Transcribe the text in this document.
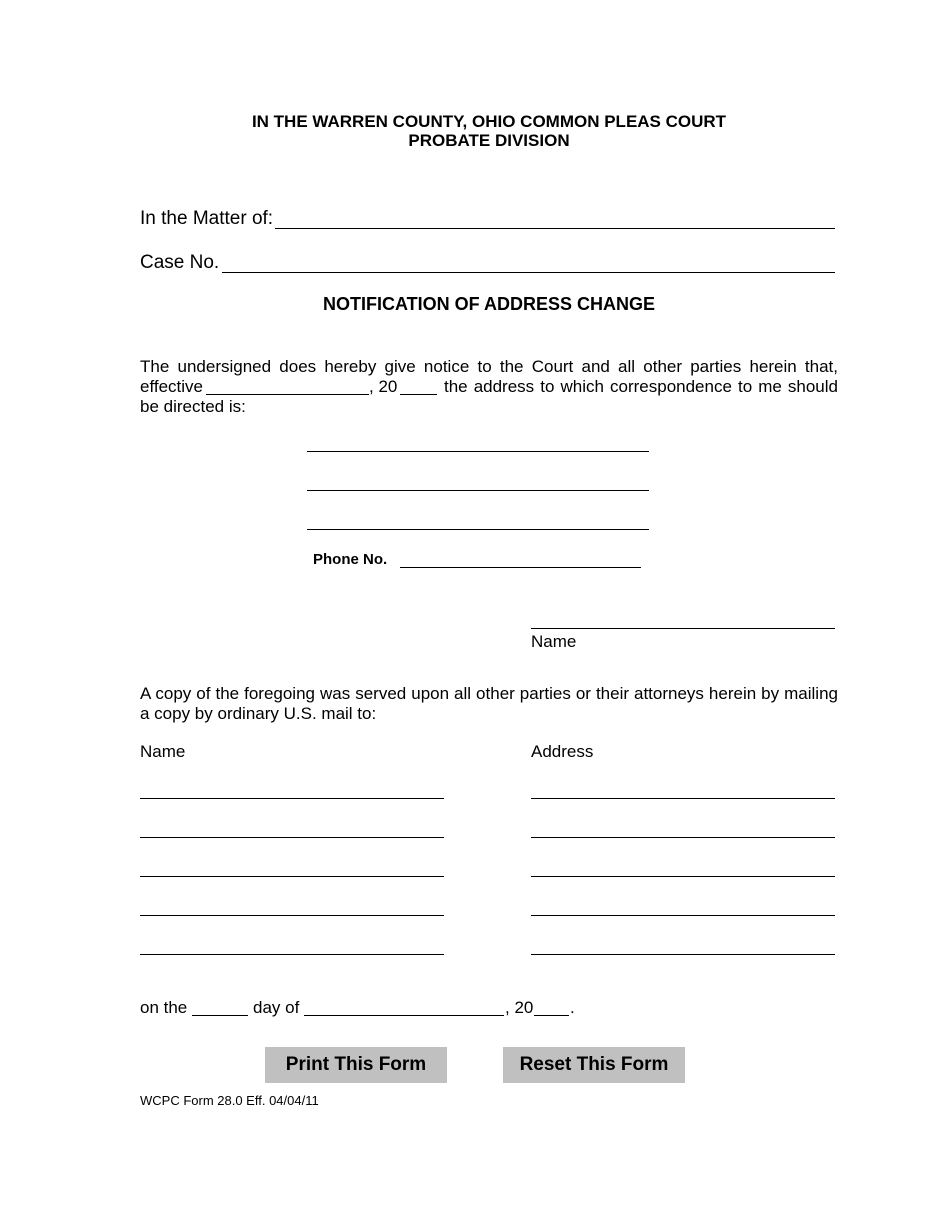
IN THE WARREN COUNTY, OHIO COMMON PLEAS COURT
PROBATE DIVISION
In the Matter of:
Case No.
NOTIFICATION OF ADDRESS CHANGE
The undersigned does hereby give notice to the Court and all other parties herein that,
effective	, 20	the address to which correspondence to me should
be directed is:
Phone No.
Name
A copy of the foregoing was served upon all other parties or their attorneys herein by mailing
a copy by ordinary U.S. mail to:
Name	Address
on the	day of	, 20 .
Print This Form	Reset This Form
WCPC Form 28.0 Eff. 04/04/11
